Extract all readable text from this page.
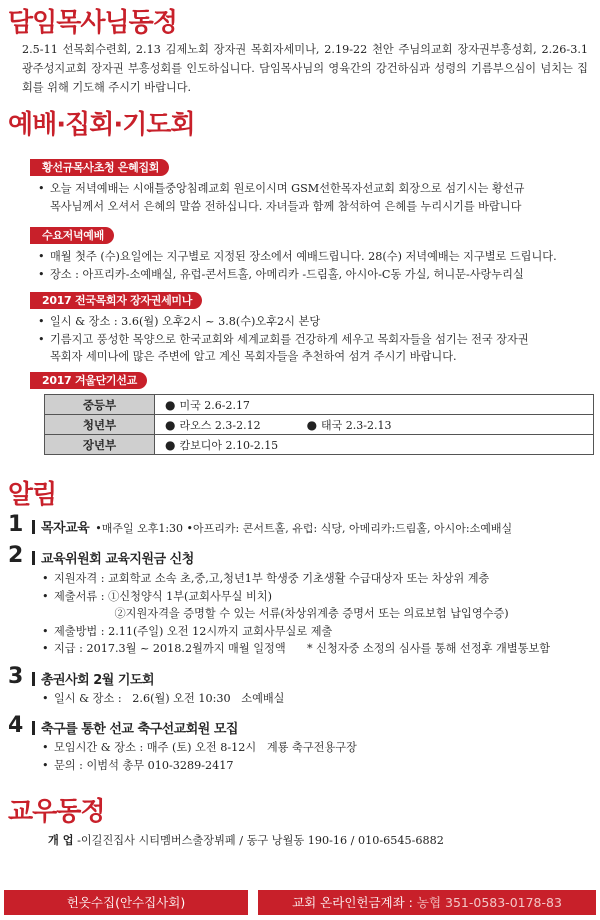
담임목사님동정
2.5-11 선목회수련회, 2.13 김제노회 장자권 목회자세미나, 2.19-22 천안 주님의교회 장자권부흥성회, 2.26-3.1 광주성지교회 장자권 부흥성회를 인도하십니다. 담임목사님의 영육간의 강건하심과 성령의 기름부으심이 넘치는 집회를 위해 기도해 주시기 바랍니다.
예배·집회·기도회
황선규목사초청 은혜집회
• 오늘 저녁예배는 시애틀중앙침례교회 원로이시며 GSM선한목자선교회 회장으로 섬기시는 황선규
목사님께서 오셔서 은혜의 말씀 전하십니다. 자녀들과 함께 참석하여 은혜를 누리시기를 바랍니다
수요저녁예배
• 매월 첫주 (수)요일에는 지구별로 지정된 장소에서 예배드립니다. 28(수) 저녁예배는 지구별로 드립니다.
• 장소 : 아프리카-소예배실, 유럽-콘서트홀, 아메리카 -드림홀, 아시아-C동 가실, 허니문-사랑누리실
2017 전국목회자 장자권세미나
• 일시 & 장소 : 3.6(월) 오후2시 ~ 3.8(수)오후2시 본당
• 기름지고 풍성한 목양으로 한국교회와 세계교회를 건강하게 세우고 목회자들을 섬기는 전국 장자권
목회자 세미나에 많은 주변에 알고 계신 목회자들을 추천하여 섬겨 주시기 바랍니다.
2017 겨울단기선교
중등부	● 미국 2.6-2.17
청년부	● 라오스 2.3-2.12 ● 태국 2.3-2.13
장년부	● 캄보디아 2.10-2.15
알림
1	목자교육 •매주일 오후1:30 •아프리카: 콘서트홀, 유럽: 식당, 아메리카:드림홀, 아시아:소예배실
2	교육위원회 교육지원금 신청
• 지원자격 : 교회학교 소속 초,중,고,청년1부 학생중 기초생활 수급대상자 또는 차상위 계층
• 제출서류 : ①신청양식 1부(교회사무실 비치)
②지원자격을 증명할 수 있는 서류(차상위계층 증명서 또는 의료보험 납입영수증)
• 제출방법 : 2.11(주일) 오전 12시까지 교회사무실로 제출
• 지급 : 2017.3월 ~ 2018.2월까지 매월 일정액      * 신청자중 소정의 심사를 통해 선정후 개별통보함
3	총권사회 2월 기도회
• 일시 & 장소 :   2.6(월) 오전 10:30   소예배실
4	축구를 통한 선교 축구선교회원 모집
• 모임시간 & 장소 : 매주 (토) 오전 8-12시   계룡 축구전용구장
• 문의 : 이범석 총무 010-3289-2417
교우동정
개 업 -이길진집사 시티멤버스출장뷔페 / 동구 낭월동 190-16 / 010-6545-6882
헌옷수집(안수집사회)	교회 온라인헌금계좌 : 농협 351-0583-0178-83
